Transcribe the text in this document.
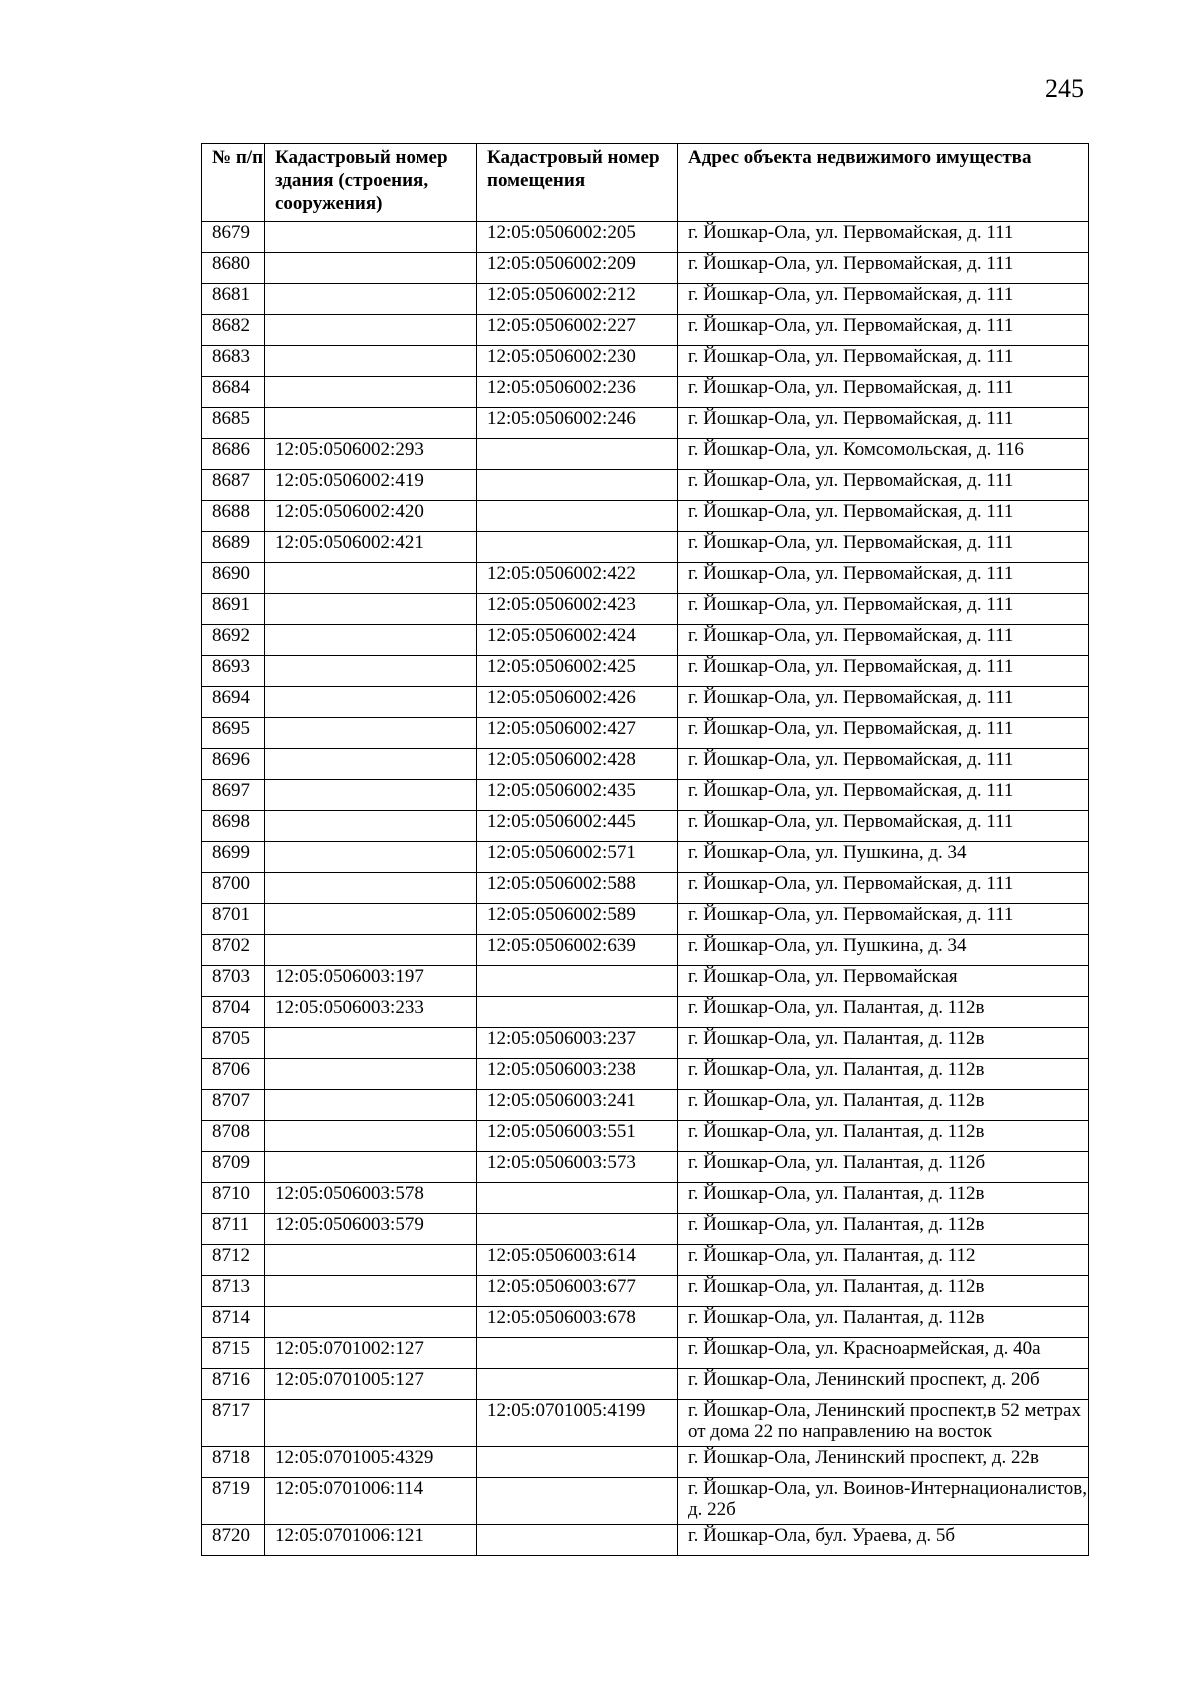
245
№ п/п	Кадастровый номер здания (строения, сооружения)	Кадастровый номер помещения	Адрес объекта недвижимого имущества
8679		12:05:0506002:205	г. Йошкар-Ола, ул. Первомайская, д. 111
8680		12:05:0506002:209	г. Йошкар-Ола, ул. Первомайская, д. 111
8681		12:05:0506002:212	г. Йошкар-Ола, ул. Первомайская, д. 111
8682		12:05:0506002:227	г. Йошкар-Ола, ул. Первомайская, д. 111
8683		12:05:0506002:230	г. Йошкар-Ола, ул. Первомайская, д. 111
8684		12:05:0506002:236	г. Йошкар-Ола, ул. Первомайская, д. 111
8685		12:05:0506002:246	г. Йошкар-Ола, ул. Первомайская, д. 111
8686	12:05:0506002:293		г. Йошкар-Ола, ул. Комсомольская, д. 116
8687	12:05:0506002:419		г. Йошкар-Ола, ул. Первомайская, д. 111
8688	12:05:0506002:420		г. Йошкар-Ола, ул. Первомайская, д. 111
8689	12:05:0506002:421		г. Йошкар-Ола, ул. Первомайская, д. 111
8690		12:05:0506002:422	г. Йошкар-Ола, ул. Первомайская, д. 111
8691		12:05:0506002:423	г. Йошкар-Ола, ул. Первомайская, д. 111
8692		12:05:0506002:424	г. Йошкар-Ола, ул. Первомайская, д. 111
8693		12:05:0506002:425	г. Йошкар-Ола, ул. Первомайская, д. 111
8694		12:05:0506002:426	г. Йошкар-Ола, ул. Первомайская, д. 111
8695		12:05:0506002:427	г. Йошкар-Ола, ул. Первомайская, д. 111
8696		12:05:0506002:428	г. Йошкар-Ола, ул. Первомайская, д. 111
8697		12:05:0506002:435	г. Йошкар-Ола, ул. Первомайская, д. 111
8698		12:05:0506002:445	г. Йошкар-Ола, ул. Первомайская, д. 111
8699		12:05:0506002:571	г. Йошкар-Ола, ул. Пушкина, д. 34
8700		12:05:0506002:588	г. Йошкар-Ола, ул. Первомайская, д. 111
8701		12:05:0506002:589	г. Йошкар-Ола, ул. Первомайская, д. 111
8702		12:05:0506002:639	г. Йошкар-Ола, ул. Пушкина, д. 34
8703	12:05:0506003:197		г. Йошкар-Ола, ул. Первомайская
8704	12:05:0506003:233		г. Йошкар-Ола, ул. Палантая, д. 112в
8705		12:05:0506003:237	г. Йошкар-Ола, ул. Палантая, д. 112в
8706		12:05:0506003:238	г. Йошкар-Ола, ул. Палантая, д. 112в
8707		12:05:0506003:241	г. Йошкар-Ола, ул. Палантая, д. 112в
8708		12:05:0506003:551	г. Йошкар-Ола, ул. Палантая, д. 112в
8709		12:05:0506003:573	г. Йошкар-Ола, ул. Палантая, д. 112б
8710	12:05:0506003:578		г. Йошкар-Ола, ул. Палантая, д. 112в
8711	12:05:0506003:579		г. Йошкар-Ола, ул. Палантая, д. 112в
8712		12:05:0506003:614	г. Йошкар-Ола, ул. Палантая, д. 112
8713		12:05:0506003:677	г. Йошкар-Ола, ул. Палантая, д. 112в
8714		12:05:0506003:678	г. Йошкар-Ола, ул. Палантая, д. 112в
8715	12:05:0701002:127		г. Йошкар-Ола, ул. Красноармейская, д. 40а
8716	12:05:0701005:127		г. Йошкар-Ола, Ленинский проспект, д. 20б
8717		12:05:0701005:4199	г. Йошкар-Ола, Ленинский проспект,в 52 метрах от дома 22 по направлению на восток
8718	12:05:0701005:4329		г. Йошкар-Ола, Ленинский проспект, д. 22в
8719	12:05:0701006:114		г. Йошкар-Ола, ул. Воинов-Интернационалистов, д. 22б
8720	12:05:0701006:121		г. Йошкар-Ола, бул. Ураева, д. 5б
